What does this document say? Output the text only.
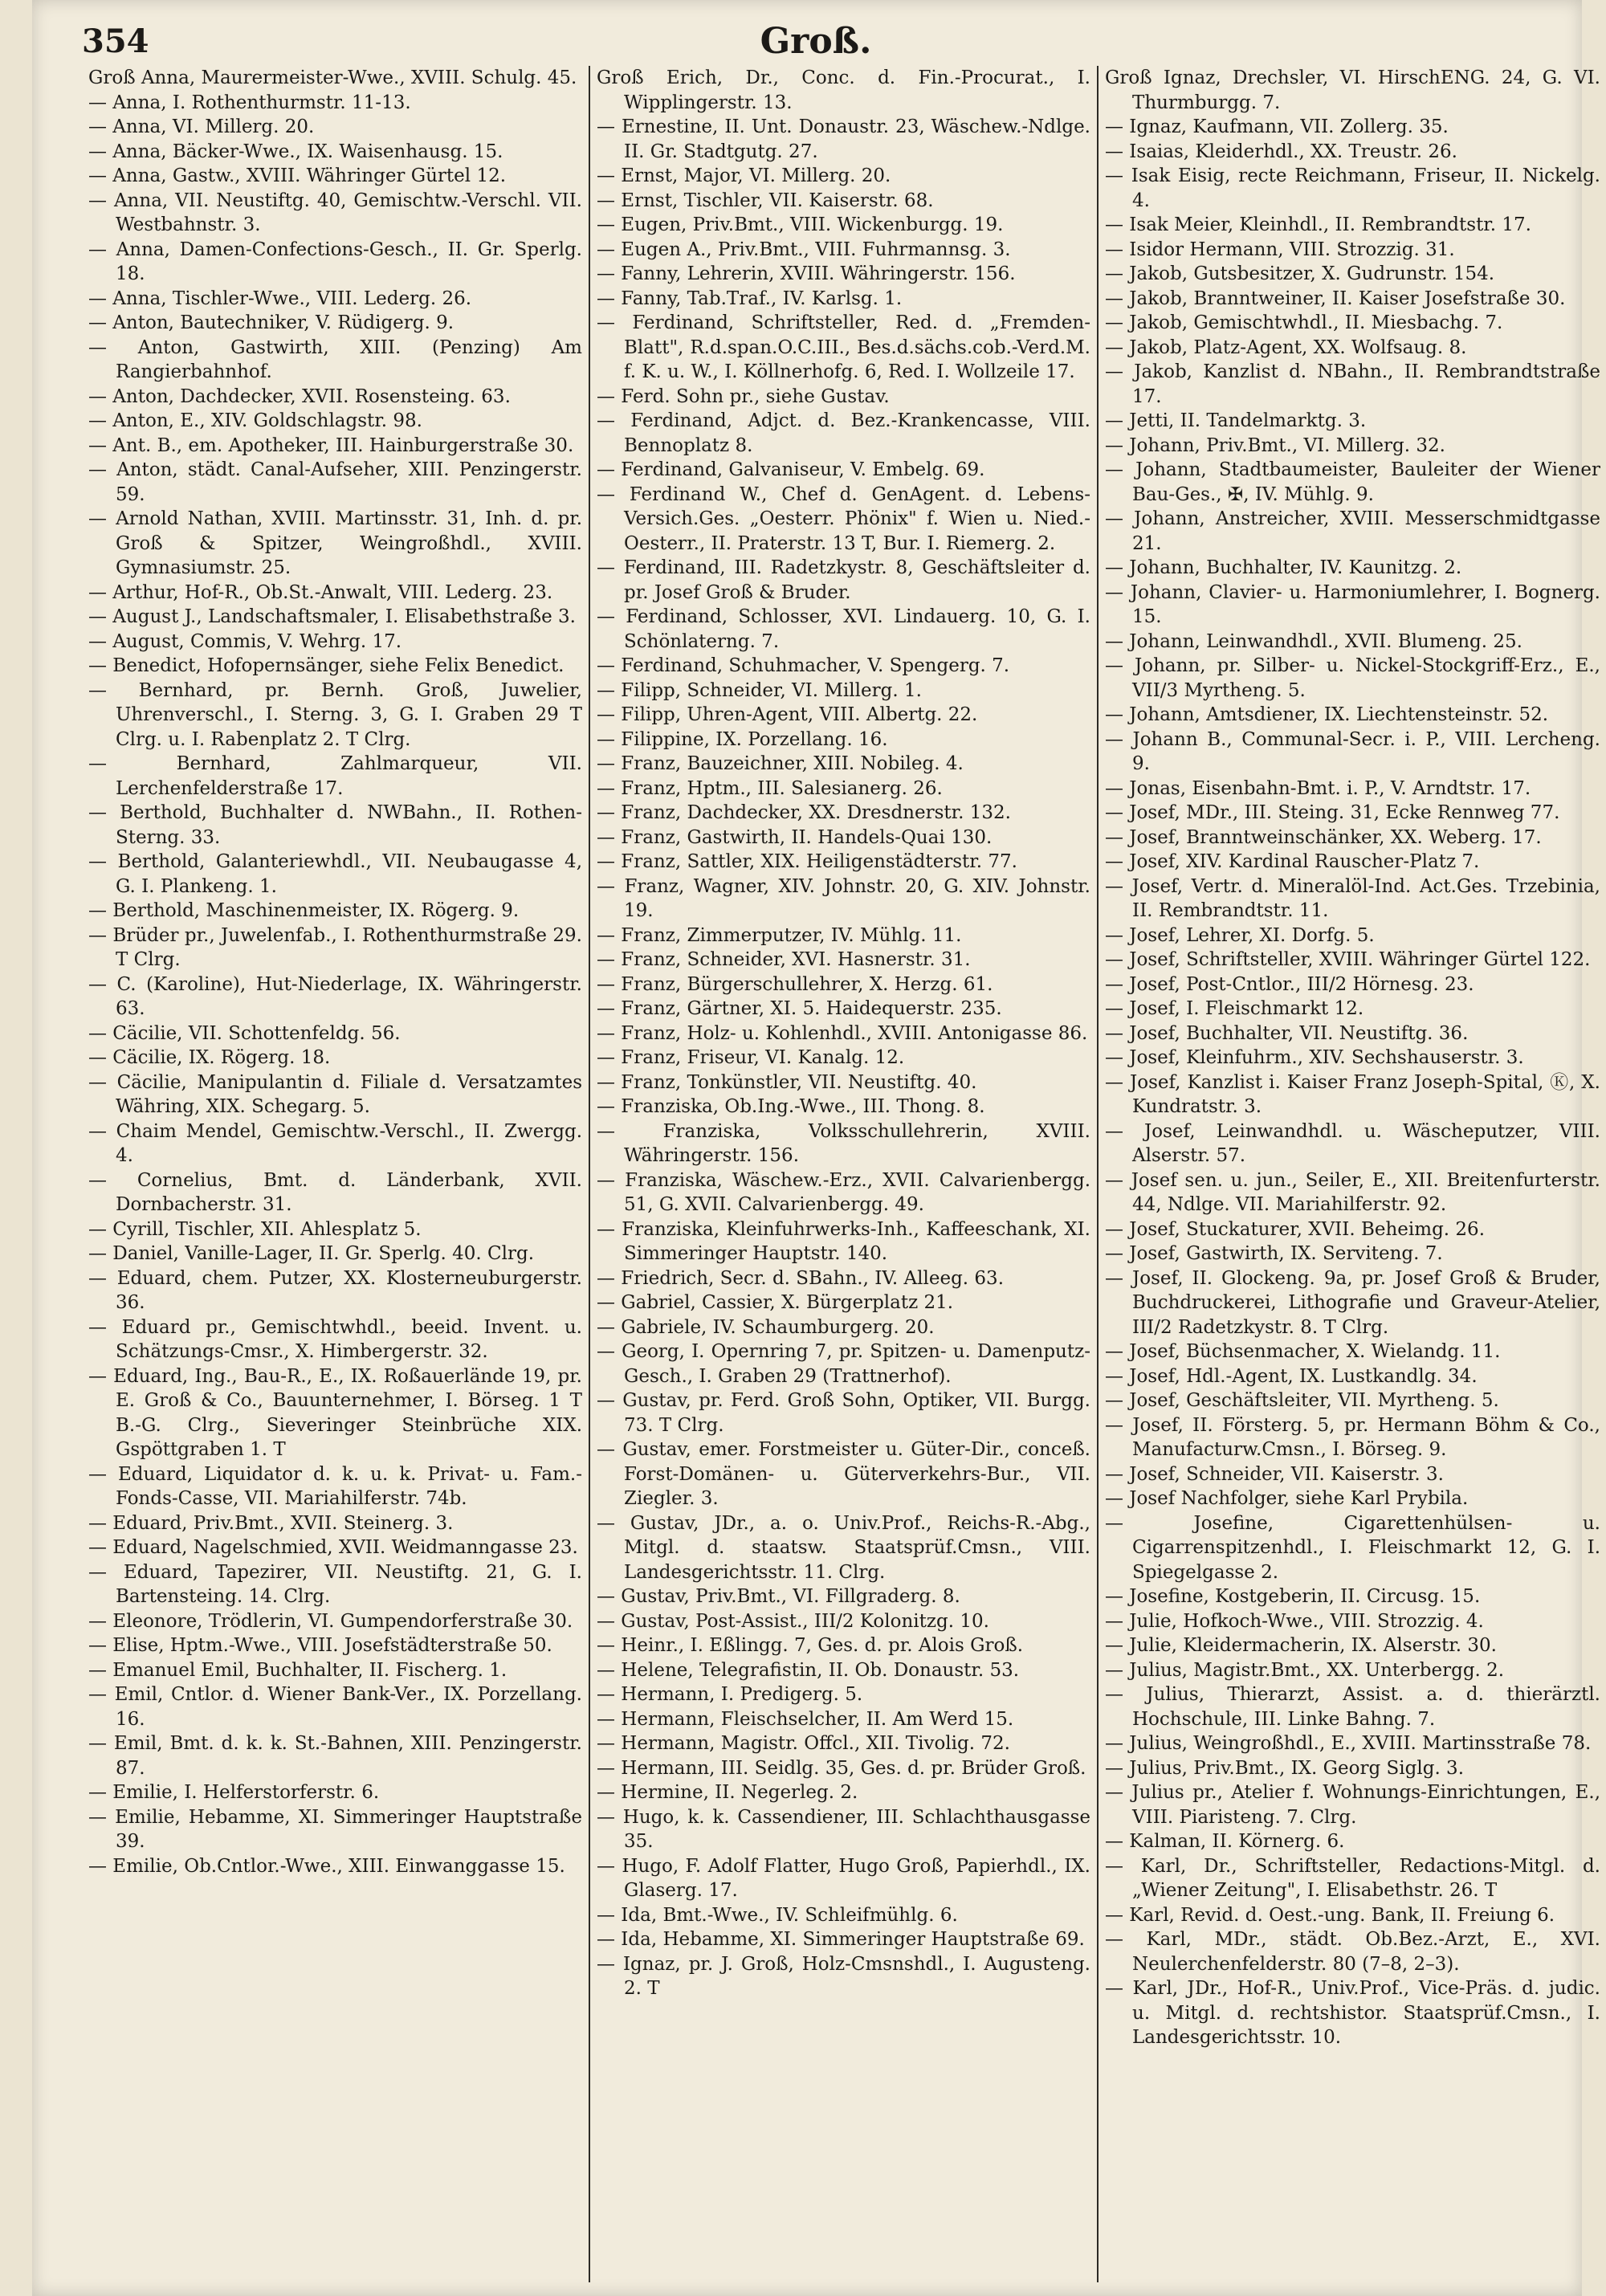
354	Groß.

Groß Anna, Maurermeister-Wwe., XVIII. Schulg. 45.

— Anna, I. Rothenthurmstr. 11-13.

— Anna, VI. Millerg. 20.

— Anna, Bäcker-Wwe., IX. Waisenhausg. 15.

— Anna, Gastw., XVIII. Währinger Gürtel 12.

— Anna, VII. Neustiftg. 40, Gemischtw.-Verschl. VII. Westbahnstr. 3.

— Anna, Damen-Confections-Gesch., II. Gr. Sperlg. 18.

— Anna, Tischler-Wwe., VIII. Lederg. 26.

— Anton, Bautechniker, V. Rüdigerg. 9.

— Anton, Gastwirth, XIII. (Penzing) Am Rangierbahnhof.

— Anton, Dachdecker, XVII. Rosensteing. 63.

— Anton, E., XIV. Goldschlagstr. 98.

— Ant. B., em. Apotheker, III. Hainburgerstraße 30.

— Anton, städt. Canal-Aufseher, XIII. Penzingerstr. 59.

— Arnold Nathan, XVIII. Martinsstr. 31, Inh. d. pr. Groß & Spitzer, Weingroßhdl., XVIII. Gymnasiumstr. 25.

— Arthur, Hof-R., Ob.St.-Anwalt, VIII. Lederg. 23.

— August J., Landschaftsmaler, I. Elisabethstraße 3.

— August, Commis, V. Wehrg. 17.

— Benedict, Hofopernsänger, siehe Felix Benedict.

— Bernhard, pr. Bernh. Groß, Juwelier, Uhrenverschl., I. Sterng. 3, G. I. Graben 29 T Clrg. u. I. Rabenplatz 2. T Clrg.

— Bernhard, Zahlmarqueur, VII. Lerchenfelderstraße 17.

— Berthold, Buchhalter d. NWBahn., II. Rothen-Sterng. 33.

— Berthold, Galanteriewhdl., VII. Neubaugasse 4, G. I. Plankeng. 1.

— Berthold, Maschinenmeister, IX. Rögerg. 9.

— Brüder pr., Juwelenfab., I. Rothenthurmstraße 29. T Clrg.

— C. (Karoline), Hut-Niederlage, IX. Währingerstr. 63.

— Cäcilie, VII. Schottenfeldg. 56.

— Cäcilie, IX. Rögerg. 18.

— Cäcilie, Manipulantin d. Filiale d. Versatzamtes Währing, XIX. Schegarg. 5.

— Chaim Mendel, Gemischtw.-Verschl., II. Zwergg. 4.

— Cornelius, Bmt. d. Länderbank, XVII. Dornbacherstr. 31.

— Cyrill, Tischler, XII. Ahlesplatz 5.

— Daniel, Vanille-Lager, II. Gr. Sperlg. 40. Clrg.

— Eduard, chem. Putzer, XX. Klosterneuburgerstr. 36.

— Eduard pr., Gemischtwhdl., beeid. Invent. u. Schätzungs-Cmsr., X. Himbergerstr. 32.

— Eduard, Ing., Bau-R., E., IX. Roßauerlände 19, pr. E. Groß & Co., Bauunternehmer, I. Börseg. 1 T B.-G. Clrg., Sieveringer Steinbrüche XIX. Gspöttgraben 1. T

— Eduard, Liquidator d. k. u. k. Privat- u. Fam.-Fonds-Casse, VII. Mariahilferstr. 74b.

— Eduard, Priv.Bmt., XVII. Steinerg. 3.

— Eduard, Nagelschmied, XVII. Weidmanngasse 23.

— Eduard, Tapezirer, VII. Neustiftg. 21, G. I. Bartensteing. 14. Clrg.

— Eleonore, Trödlerin, VI. Gumpendorferstraße 30.

— Elise, Hptm.-Wwe., VIII. Josefstädterstraße 50.

— Emanuel Emil, Buchhalter, II. Fischerg. 1.

— Emil, Cntlor. d. Wiener Bank-Ver., IX. Porzellang. 16.

— Emil, Bmt. d. k. k. St.-Bahnen, XIII. Penzingerstr. 87.

— Emilie, I. Helferstorferstr. 6.

— Emilie, Hebamme, XI. Simmeringer Hauptstraße 39.

— Emilie, Ob.Cntlor.-Wwe., XIII. Einwanggasse 15.

Groß Erich, Dr., Conc. d. Fin.-Procurat., I. Wipplingerstr. 13.

— Ernestine, II. Unt. Donaustr. 23, Wäschew.-Ndlge. II. Gr. Stadtgutg. 27.

— Ernst, Major, VI. Millerg. 20.

— Ernst, Tischler, VII. Kaiserstr. 68.

— Eugen, Priv.Bmt., VIII. Wickenburgg. 19.

— Eugen A., Priv.Bmt., VIII. Fuhrmannsg. 3.

— Fanny, Lehrerin, XVIII. Währingerstr. 156.

— Fanny, Tab.Traf., IV. Karlsg. 1.

— Ferdinand, Schriftsteller, Red. d. „Fremden-Blatt", R.d.span.O.C.III., Bes.d.sächs.cob.-Verd.M. f. K. u. W., I. Köllnerhofg. 6, Red. I. Wollzeile 17.

— Ferd. Sohn pr., siehe Gustav.

— Ferdinand, Adjct. d. Bez.-Krankencasse, VIII. Bennoplatz 8.

— Ferdinand, Galvaniseur, V. Embelg. 69.

— Ferdinand W., Chef d. GenAgent. d. Lebens-Versich.Ges. „Oesterr. Phönix" f. Wien u. Nied.-Oesterr., II. Praterstr. 13 T, Bur. I. Riemerg. 2.

— Ferdinand, III. Radetzkystr. 8, Geschäftsleiter d. pr. Josef Groß & Bruder.

— Ferdinand, Schlosser, XVI. Lindauerg. 10, G. I. Schönlaterng. 7.

— Ferdinand, Schuhmacher, V. Spengerg. 7.

— Filipp, Schneider, VI. Millerg. 1.

— Filipp, Uhren-Agent, VIII. Albertg. 22.

— Filippine, IX. Porzellang. 16.

— Franz, Bauzeichner, XIII. Nobileg. 4.

— Franz, Hptm., III. Salesianerg. 26.

— Franz, Dachdecker, XX. Dresdnerstr. 132.

— Franz, Gastwirth, II. Handels-Quai 130.

— Franz, Sattler, XIX. Heiligenstädterstr. 77.

— Franz, Wagner, XIV. Johnstr. 20, G. XIV. Johnstr. 19.

— Franz, Zimmerputzer, IV. Mühlg. 11.

— Franz, Schneider, XVI. Hasnerstr. 31.

— Franz, Bürgerschullehrer, X. Herzg. 61.

— Franz, Gärtner, XI. 5. Haidequerstr. 235.

— Franz, Holz- u. Kohlenhdl., XVIII. Antonigasse 86.

— Franz, Friseur, VI. Kanalg. 12.

— Franz, Tonkünstler, VII. Neustiftg. 40.

— Franziska, Ob.Ing.-Wwe., III. Thong. 8.

— Franziska, Volksschullehrerin, XVIII. Währingerstr. 156.

— Franziska, Wäschew.-Erz., XVII. Calvarienbergg. 51, G. XVII. Calvarienbergg. 49.

— Franziska, Kleinfuhrwerks-Inh., Kaffeeschank, XI. Simmeringer Hauptstr. 140.

— Friedrich, Secr. d. SBahn., IV. Alleeg. 63.

— Gabriel, Cassier, X. Bürgerplatz 21.

— Gabriele, IV. Schaumburgerg. 20.

— Georg, I. Opernring 7, pr. Spitzen- u. Damenputz-Gesch., I. Graben 29 (Trattnerhof).

— Gustav, pr. Ferd. Groß Sohn, Optiker, VII. Burgg. 73. T Clrg.

— Gustav, emer. Forstmeister u. Güter-Dir., conceß. Forst-Domänen- u. Güterverkehrs-Bur., VII. Ziegler. 3.

— Gustav, JDr., a. o. Univ.Prof., Reichs-R.-Abg., Mitgl. d. staatsw. Staatsprüf.Cmsn., VIII. Landesgerichtsstr. 11. Clrg.

— Gustav, Priv.Bmt., VI. Fillgraderg. 8.

— Gustav, Post-Assist., III/2 Kolonitzg. 10.

— Heinr., I. Eßlingg. 7, Ges. d. pr. Alois Groß.

— Helene, Telegrafistin, II. Ob. Donaustr. 53.

— Hermann, I. Predigerg. 5.

— Hermann, Fleischselcher, II. Am Werd 15.

— Hermann, Magistr. Offcl., XII. Tivolig. 72.

— Hermann, III. Seidlg. 35, Ges. d. pr. Brüder Groß.

— Hermine, II. Negerleg. 2.

— Hugo, k. k. Cassendiener, III. Schlachthausgasse 35.

— Hugo, F. Adolf Flatter, Hugo Groß, Papierhdl., IX. Glaserg. 17.

— Ida, Bmt.-Wwe., IV. Schleifmühlg. 6.

— Ida, Hebamme, XI. Simmeringer Hauptstraße 69.

— Ignaz, pr. J. Groß, Holz-Cmsnshdl., I. Augusteng. 2. T

Groß Ignaz, Drechsler, VI. HirschENG. 24, G. VI. Thurmburgg. 7.

— Ignaz, Kaufmann, VII. Zollerg. 35.

— Isaias, Kleiderhdl., XX. Treustr. 26.

— Isak Eisig, recte Reichmann, Friseur, II. Nickelg. 4.

— Isak Meier, Kleinhdl., II. Rembrandtstr. 17.

— Isidor Hermann, VIII. Strozzig. 31.

— Jakob, Gutsbesitzer, X. Gudrunstr. 154.

— Jakob, Branntweiner, II. Kaiser Josefstraße 30.

— Jakob, Gemischtwhdl., II. Miesbachg. 7.

— Jakob, Platz-Agent, XX. Wolfsaug. 8.

— Jakob, Kanzlist d. NBahn., II. Rembrandtstraße 17.

— Jetti, II. Tandelmarktg. 3.

— Johann, Priv.Bmt., VI. Millerg. 32.

— Johann, Stadtbaumeister, Bauleiter der Wiener Bau-Ges., ✠, IV. Mühlg. 9.

— Johann, Anstreicher, XVIII. Messerschmidtgasse 21.

— Johann, Buchhalter, IV. Kaunitzg. 2.

— Johann, Clavier- u. Harmoniumlehrer, I. Bognerg. 15.

— Johann, Leinwandhdl., XVII. Blumeng. 25.

— Johann, pr. Silber- u. Nickel-Stockgriff-Erz., E., VII/3 Myrtheng. 5.

— Johann, Amtsdiener, IX. Liechtensteinstr. 52.

— Johann B., Communal-Secr. i. P., VIII. Lercheng. 9.

— Jonas, Eisenbahn-Bmt. i. P., V. Arndtstr. 17.

— Josef, MDr., III. Steing. 31, Ecke Rennweg 77.

— Josef, Branntweinschänker, XX. Weberg. 17.

— Josef, XIV. Kardinal Rauscher-Platz 7.

— Josef, Vertr. d. Mineralöl-Ind. Act.Ges. Trzebinia, II. Rembrandtstr. 11.

— Josef, Lehrer, XI. Dorfg. 5.

— Josef, Schriftsteller, XVIII. Währinger Gürtel 122.

— Josef, Post-Cntlor., III/2 Hörnesg. 23.

— Josef, I. Fleischmarkt 12.

— Josef, Buchhalter, VII. Neustiftg. 36.

— Josef, Kleinfuhrm., XIV. Sechshauserstr. 3.

— Josef, Kanzlist i. Kaiser Franz Joseph-Spital, Ⓚ, X. Kundratstr. 3.

— Josef, Leinwandhdl. u. Wäscheputzer, VIII. Alserstr. 57.

— Josef sen. u. jun., Seiler, E., XII. Breitenfurterstr. 44, Ndlge. VII. Mariahilferstr. 92.

— Josef, Stuckaturer, XVII. Beheimg. 26.

— Josef, Gastwirth, IX. Serviteng. 7.

— Josef, II. Glockeng. 9a, pr. Josef Groß & Bruder, Buchdruckerei, Lithografie und Graveur-Atelier, III/2 Radetzkystr. 8. T Clrg.

— Josef, Büchsenmacher, X. Wielandg. 11.

— Josef, Hdl.-Agent, IX. Lustkandlg. 34.

— Josef, Geschäftsleiter, VII. Myrtheng. 5.

— Josef, II. Försterg. 5, pr. Hermann Böhm & Co., Manufacturw.Cmsn., I. Börseg. 9.

— Josef, Schneider, VII. Kaiserstr. 3.

— Josef Nachfolger, siehe Karl Prybila.

— Josefine, Cigarettenhülsen- u. Cigarrenspitzenhdl., I. Fleischmarkt 12, G. I. Spiegelgasse 2.

— Josefine, Kostgeberin, II. Circusg. 15.

— Julie, Hofkoch-Wwe., VIII. Strozzig. 4.

— Julie, Kleidermacherin, IX. Alserstr. 30.

— Julius, Magistr.Bmt., XX. Unterbergg. 2.

— Julius, Thierarzt, Assist. a. d. thierärztl. Hochschule, III. Linke Bahng. 7.

— Julius, Weingroßhdl., E., XVIII. Martinsstraße 78.

— Julius, Priv.Bmt., IX. Georg Siglg. 3.

— Julius pr., Atelier f. Wohnungs-Einrichtungen, E., VIII. Piaristeng. 7. Clrg.

— Kalman, II. Körnerg. 6.

— Karl, Dr., Schriftsteller, Redactions-Mitgl. d. „Wiener Zeitung", I. Elisabethstr. 26. T

— Karl, Revid. d. Oest.-ung. Bank, II. Freiung 6.

— Karl, MDr., städt. Ob.Bez.-Arzt, E., XVI. Neulerchenfelderstr. 80 (7–8, 2–3).

— Karl, JDr., Hof-R., Univ.Prof., Vice-Präs. d. judic. u. Mitgl. d. rechtshistor. Staatsprüf.Cmsn., I. Landesgerichtsstr. 10.
